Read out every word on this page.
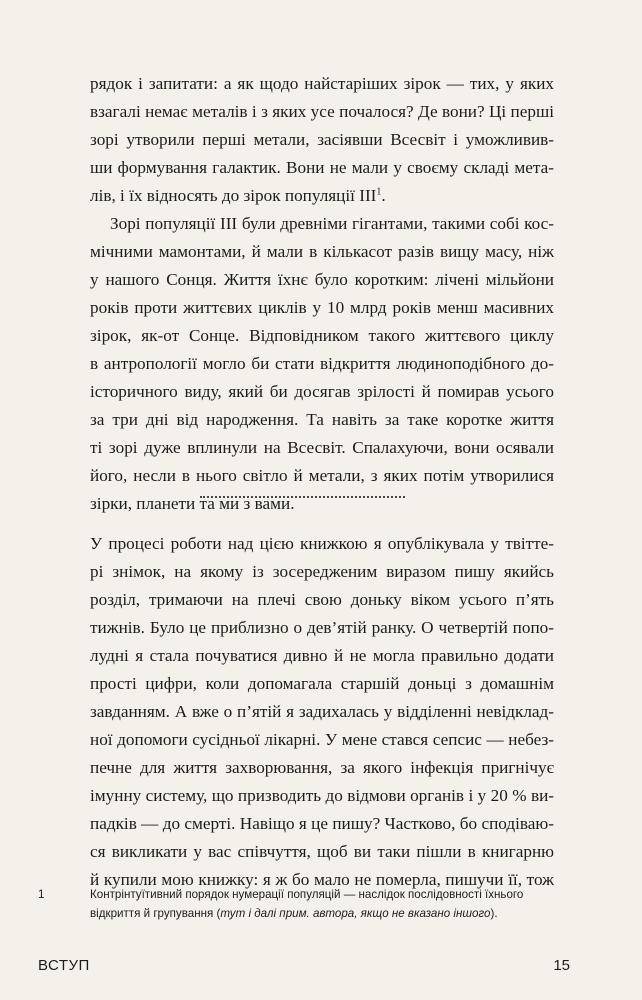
рядок і запитати: а як щодо найстаріших зірок — тих, у яких
взагалі немає металів і з яких усе почалося? Де вони? Ці перші
зорі утворили перші метали, засіявши Всесвіт і уможливив-
ши формування галактик. Вони не мали у своєму складі мета-
лів, і їх відносять до зірок популяції III$^1$.
Зорі популяції III були древніми гігантами, такими собі кос-
мічними мамонтами, й мали в кількасот разів вищу масу, ніж
у нашого Сонця. Життя їхнє було коротким: лічені мільйони
років проти життєвих циклів у 10 млрд років менш масивних
зірок, як-от Сонце. Відповідником такого життєвого циклу
в антропології могло би стати відкриття людиноподібного до-
історичного виду, який би досягав зрілості й помирав усього
за три дні від народження. Та навіть за таке коротке життя
ті зорі дуже вплинули на Всесвіт. Спалахуючи, вони осявали
його, несли в нього світло й метали, з яких потім утворилися
зірки, планети та ми з вами.
У процесі роботи над цією книжкою я опублікувала у твітте-
рі знімок, на якому із зосередженим виразом пишу якийсь
розділ, тримаючи на плечі свою доньку віком усього п’ять
тижнів. Було це приблизно о дев’ятій ранку. О четвертій попо-
лудні я стала почуватися дивно й не могла правильно додати
прості цифри, коли допомагала старшій доньці з домашнім
завданням. А вже о п’ятій я задихалась у відділенні невідклад-
ної допомоги сусідньої лікарні. У мене стався сепсис — небез-
печне для життя захворювання, за якого інфекція пригнічує
імунну систему, що призводить до відмови органів і у 20 % ви-
падків — до смерті. Навіщо я це пишу? Частково, бо сподіваю-
ся викликати у вас співчуття, щоб ви таки пішли в книгарню
й купили мою книжку: я ж бо мало не померла, пишучи її, тож
1	Контрінтуїтивний порядок нумерації популяцій — наслідок послідовності їхнього
відкриття й групування (тут і далі прим. автора, якщо не вказано іншого).
ВСТУП	15
